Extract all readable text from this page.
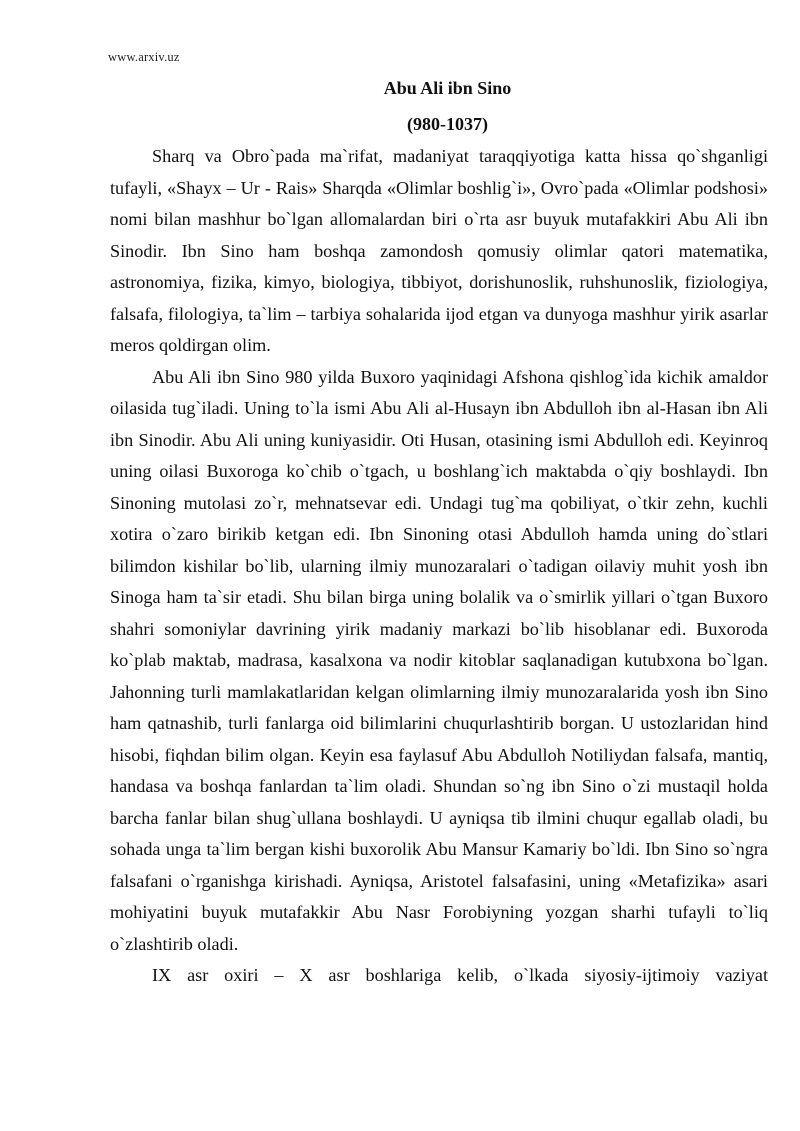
www.arxiv.uz
Abu Ali ibn Sino
(980-1037)

Sharq va Obro`pada ma`rifat, madaniyat taraqqiyotiga katta hissa qo`shganligi tufayli, «Shayx – Ur - Rais» Sharqda «Olimlar boshlig`i», Ovro`pada «Olimlar podshosi» nomi bilan mashhur bo`lgan allomalardan biri o`rta asr buyuk mutafakkiri Abu Ali ibn Sinodir. Ibn Sino ham boshqa zamondosh qomusiy olimlar qatori matematika, astronomiya, fizika, kimyo, biologiya, tibbiyot, dorishunoslik, ruhshunoslik, fiziologiya, falsafa, filologiya, ta`lim – tarbiya sohalarida ijod etgan va dunyoga mashhur yirik asarlar meros qoldirgan olim.

Abu Ali ibn Sino 980 yilda Buxoro yaqinidagi Afshona qishlog`ida kichik amaldor oilasida tug`iladi. Uning to`la ismi Abu Ali al-Husayn ibn Abdulloh ibn al-Hasan ibn Ali ibn Sinodir. Abu Ali uning kuniyasidir. Oti Husan, otasining ismi Abdulloh edi. Keyinroq uning oilasi Buxoroga ko`chib o`tgach, u boshlang`ich maktabda o`qiy boshlaydi. Ibn Sinoning mutolasi zo`r, mehnatsevar edi. Undagi tug`ma qobiliyat, o`tkir zehn, kuchli xotira o`zaro birikib ketgan edi. Ibn Sinoning otasi Abdulloh hamda uning do`stlari bilimdon kishilar bo`lib, ularning ilmiy munozaralari o`tadigan oilaviy muhit yosh ibn Sinoga ham ta`sir etadi. Shu bilan birga uning bolalik va o`smirlik yillari o`tgan Buxoro shahri somoniylar davrining yirik madaniy markazi bo`lib hisoblanar edi. Buxoroda ko`plab maktab, madrasa, kasalxona va nodir kitoblar saqlanadigan kutubxona bo`lgan. Jahonning turli mamlakatlaridan kelgan olimlarning ilmiy munozaralarida yosh ibn Sino ham qatnashib, turli fanlarga oid bilimlarini chuqurlashtirib borgan. U ustozlaridan hind hisobi, fiqhdan bilim olgan. Keyin esa faylasuf Abu Abdulloh Notiliydan falsafa, mantiq, handasa va boshqa fanlardan ta`lim oladi. Shundan so`ng ibn Sino o`zi mustaqil holda barcha fanlar bilan shug`ullana boshlaydi. U ayniqsa tib ilmini chuqur egallab oladi, bu sohada unga ta`lim bergan kishi buxorolik Abu Mansur Kamariy bo`ldi. Ibn Sino so`ngra falsafani o`rganishga kirishadi. Ayniqsa, Aristotel falsafasini, uning «Metafizika» asari mohiyatini buyuk mutafakkir Abu Nasr Forobiyning yozgan sharhi tufayli to`liq o`zlashtirib oladi.

IX asr oxiri – X asr boshlariga kelib, o`lkada siyosiy-ijtimoiy vaziyat
